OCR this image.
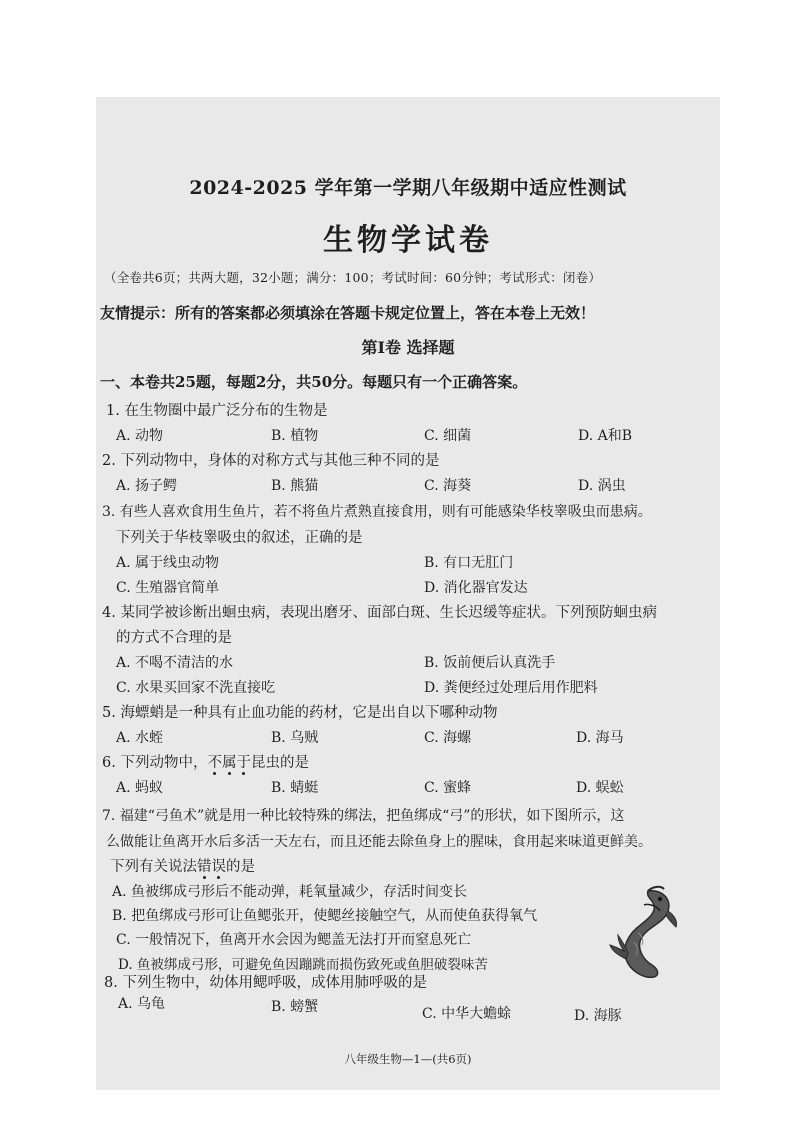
2024-2025 学年第一学期八年级期中适应性测试
生物学试卷
（全卷共6页；共两大题，32小题；满分：100；考试时间：60分钟；考试形式：闭卷）
友情提示：所有的答案都必须填涂在答题卡规定位置上，答在本卷上无效！
第Ⅰ卷 选择题
一、本卷共25题，每题2分，共50分。每题只有一个正确答案。
1. 在生物圈中最广泛分布的生物是
A. 动物	B. 植物	C. 细菌	D. A和B
2. 下列动物中，身体的对称方式与其他三种不同的是
A. 扬子鳄	B. 熊猫	C. 海葵	D. 涡虫
3. 有些人喜欢食用生鱼片，若不将鱼片煮熟直接食用，则有可能感染华枝睾吸虫而患病。
下列关于华枝睾吸虫的叙述，正确的是
A. 属于线虫动物	B. 有口无肛门
C. 生殖器官简单	D. 消化器官发达
4. 某同学被诊断出蛔虫病，表现出磨牙、面部白斑、生长迟缓等症状。下列预防蛔虫病
的方式不合理的是
A. 不喝不清洁的水	B. 饭前便后认真洗手
C. 水果买回家不洗直接吃	D. 粪便经过处理后用作肥料
5. 海螵蛸是一种具有止血功能的药材，它是出自以下哪种动物
A. 水蛭	B. 乌贼	C. 海螺	D. 海马
6. 下列动物中，不属于昆虫的是
A. 蚂蚁	B. 蜻蜓	C. 蜜蜂	D. 蜈蚣
7. 福建“弓鱼术”就是用一种比较特殊的绑法，把鱼绑成“弓”的形状，如下图所示，这
么做能让鱼离开水后多活一天左右，而且还能去除鱼身上的腥味，食用起来味道更鲜美。
下列有关说法错误的是
A. 鱼被绑成弓形后不能动弹，耗氧量减少，存活时间变长
B. 把鱼绑成弓形可让鱼鳃张开，使鳃丝接触空气，从而使鱼获得氧气
C. 一般情况下，鱼离开水会因为鳃盖无法打开而窒息死亡
D. 鱼被绑成弓形，可避免鱼因蹦跳而损伤致死或鱼胆破裂味苦
8. 下列生物中，幼体用鳃呼吸，成体用肺呼吸的是
A. 乌龟	B. 螃蟹	C. 中华大蟾蜍	D. 海豚
八年级生物—1—(共6页)
